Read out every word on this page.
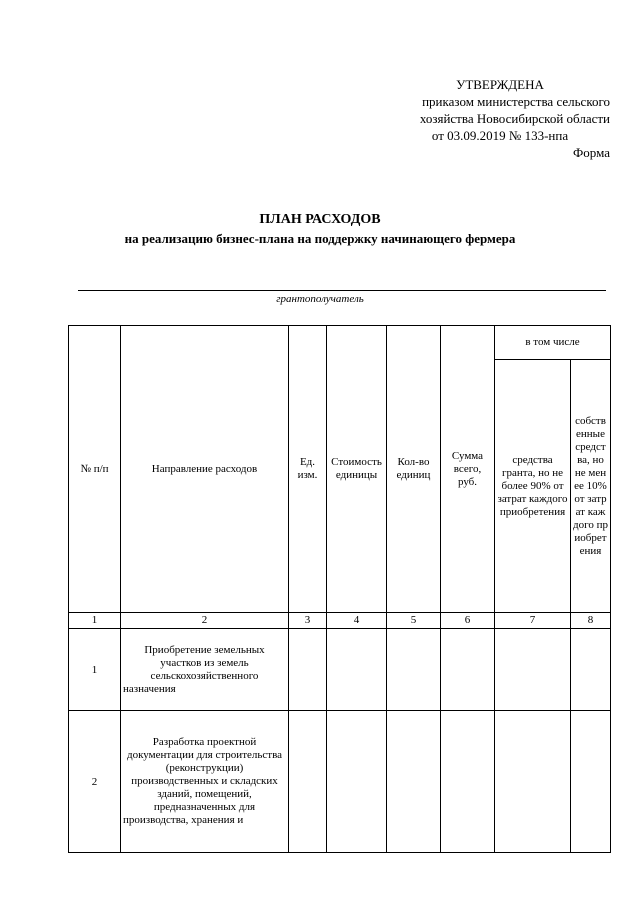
УТВЕРЖДЕНА
приказом министерства сельского
хозяйства Новосибирской области
от 03.09.2019 № 133-нпа
Форма
ПЛАН РАСХОДОВ
на реализацию бизнес-плана на поддержку начинающего фермера
грантополучатель
№ п/п	Направление расходов	Ед. изм.	Стоимость единицы	Кол-во единиц	Сумма всего, руб.	в том числе	
						средства гранта, но не более 90% от затрат каждого приобретения	собственные средства, но не менее 10% от затрат каждого приобретения
1	2	3	4	5	6	7	8
1	Приобретение земельных участков из земель сельскохозяйственного назначения						
2	Разработка проектной документации для строительства (реконструкции) производственных и складских зданий, помещений, предназначенных для производства, хранения и						
